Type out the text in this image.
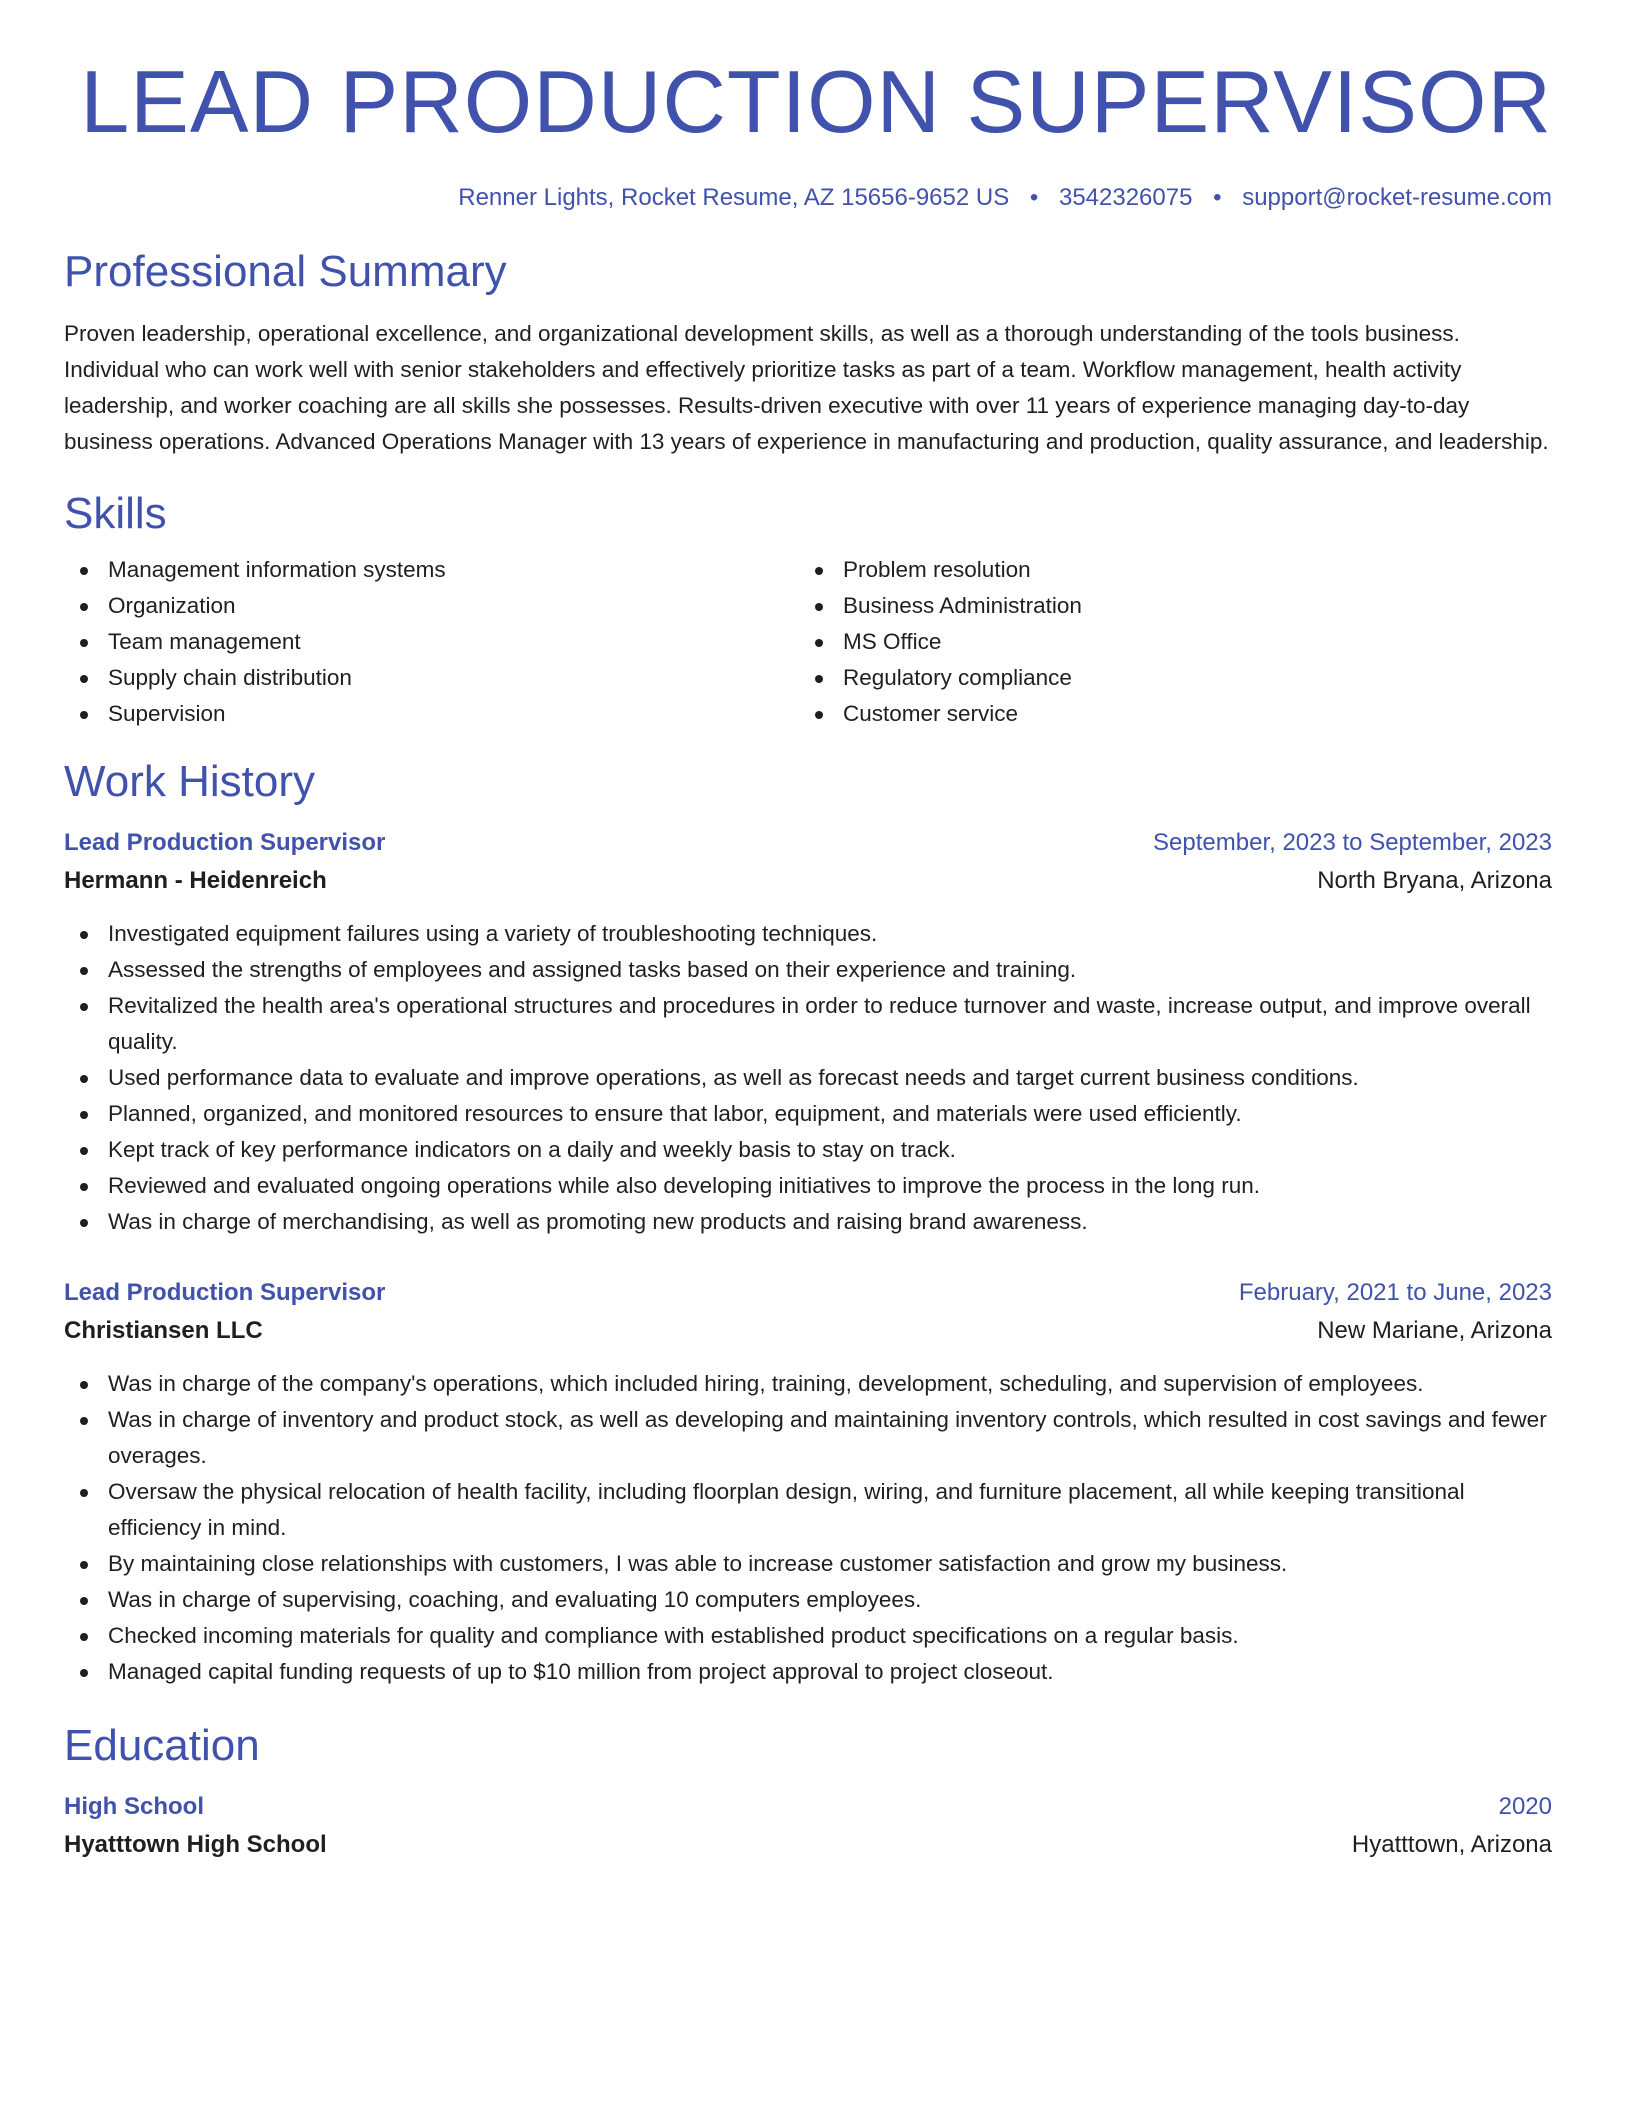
LEAD PRODUCTION SUPERVISOR
Renner Lights, Rocket Resume, AZ 15656-9652 US • 3542326075 • support@rocket-resume.com
Professional Summary

Proven leadership, operational excellence, and organizational development skills, as well as a thorough understanding of the tools business. Individual who can work well with senior stakeholders and effectively prioritize tasks as part of a team. Workflow management, health activity leadership, and worker coaching are all skills she possesses. Results-driven executive with over 11 years of experience managing day-to-day business operations. Advanced Operations Manager with 13 years of experience in manufacturing and production, quality assurance, and leadership.

Skills
Management information systems
Organization
Team management
Supply chain distribution
Supervision
Problem resolution
Business Administration
MS Office
Regulatory compliance
Customer service
Work History
Lead Production Supervisor	September, 2023 to September, 2023
Hermann - Heidenreich	North Bryana, Arizona
Investigated equipment failures using a variety of troubleshooting techniques.
Assessed the strengths of employees and assigned tasks based on their experience and training.
Revitalized the health area's operational structures and procedures in order to reduce turnover and waste, increase output, and improve overall quality.
Used performance data to evaluate and improve operations, as well as forecast needs and target current business conditions.
Planned, organized, and monitored resources to ensure that labor, equipment, and materials were used efficiently.
Kept track of key performance indicators on a daily and weekly basis to stay on track.
Reviewed and evaluated ongoing operations while also developing initiatives to improve the process in the long run.
Was in charge of merchandising, as well as promoting new products and raising brand awareness.
Lead Production Supervisor	February, 2021 to June, 2023
Christiansen LLC	New Mariane, Arizona
Was in charge of the company's operations, which included hiring, training, development, scheduling, and supervision of employees.
Was in charge of inventory and product stock, as well as developing and maintaining inventory controls, which resulted in cost savings and fewer overages.
Oversaw the physical relocation of health facility, including floorplan design, wiring, and furniture placement, all while keeping transitional efficiency in mind.
By maintaining close relationships with customers, I was able to increase customer satisfaction and grow my business.
Was in charge of supervising, coaching, and evaluating 10 computers employees.
Checked incoming materials for quality and compliance with established product specifications on a regular basis.
Managed capital funding requests of up to $10 million from project approval to project closeout.
Education
High School	2020
Hyatttown High School	Hyatttown, Arizona
